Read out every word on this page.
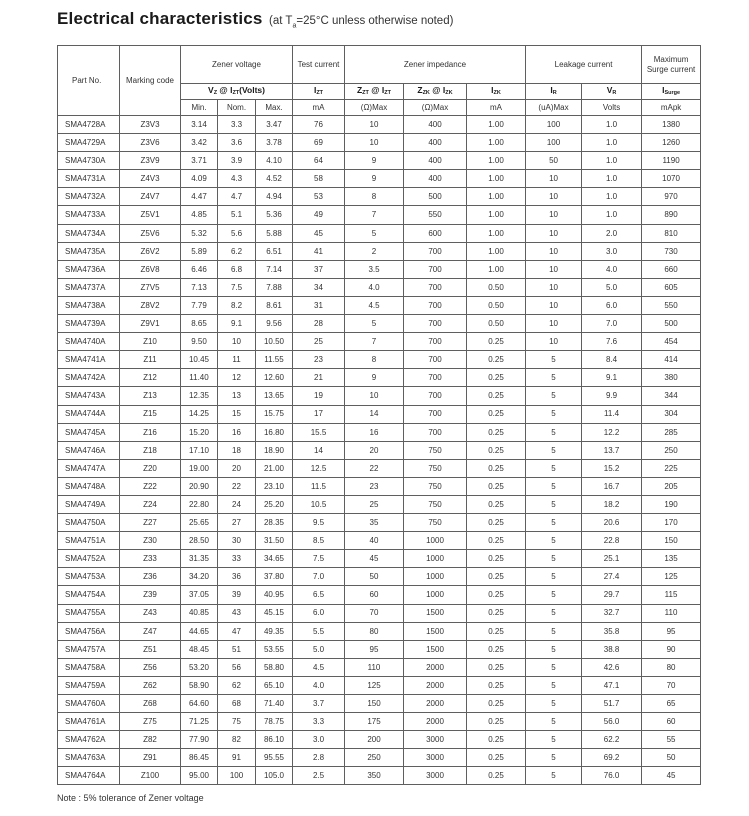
Electrical characteristics (at $T_a=25^\circ C$ unless otherwise noted)
Part No.	Marking code	Zener voltage			Test current	Zener impedance			Leakage current		Maximum Surge current
		$V_Z$ @ $I_{ZT}(Volts)$			$I_{ZT}$	$Z_{ZT}$ @ $I_{ZT}$	$Z_{ZK}$ @ $I_{ZK}$	$I_{ZK}$	$I_R$	$V_R$	$I_{Surge}$
		Min.	Nom.	Max.	mA	(Ω)Max	(Ω)Max	mA	(uA)Max	Volts	mApk
SMA4728A	Z3V3	3.14	3.3	3.47	76	10	400	1.00	100	1.0	1380
SMA4729A	Z3V6	3.42	3.6	3.78	69	10	400	1.00	100	1.0	1260
SMA4730A	Z3V9	3.71	3.9	4.10	64	9	400	1.00	50	1.0	1190
SMA4731A	Z4V3	4.09	4.3	4.52	58	9	400	1.00	10	1.0	1070
SMA4732A	Z4V7	4.47	4.7	4.94	53	8	500	1.00	10	1.0	970
SMA4733A	Z5V1	4.85	5.1	5.36	49	7	550	1.00	10	1.0	890
SMA4734A	Z5V6	5.32	5.6	5.88	45	5	600	1.00	10	2.0	810
SMA4735A	Z6V2	5.89	6.2	6.51	41	2	700	1.00	10	3.0	730
SMA4736A	Z6V8	6.46	6.8	7.14	37	3.5	700	1.00	10	4.0	660
SMA4737A	Z7V5	7.13	7.5	7.88	34	4.0	700	0.50	10	5.0	605
SMA4738A	Z8V2	7.79	8.2	8.61	31	4.5	700	0.50	10	6.0	550
SMA4739A	Z9V1	8.65	9.1	9.56	28	5	700	0.50	10	7.0	500
SMA4740A	Z10	9.50	10	10.50	25	7	700	0.25	10	7.6	454
SMA4741A	Z11	10.45	11	11.55	23	8	700	0.25	5	8.4	414
SMA4742A	Z12	11.40	12	12.60	21	9	700	0.25	5	9.1	380
SMA4743A	Z13	12.35	13	13.65	19	10	700	0.25	5	9.9	344
SMA4744A	Z15	14.25	15	15.75	17	14	700	0.25	5	11.4	304
SMA4745A	Z16	15.20	16	16.80	15.5	16	700	0.25	5	12.2	285
SMA4746A	Z18	17.10	18	18.90	14	20	750	0.25	5	13.7	250
SMA4747A	Z20	19.00	20	21.00	12.5	22	750	0.25	5	15.2	225
SMA4748A	Z22	20.90	22	23.10	11.5	23	750	0.25	5	16.7	205
SMA4749A	Z24	22.80	24	25.20	10.5	25	750	0.25	5	18.2	190
SMA4750A	Z27	25.65	27	28.35	9.5	35	750	0.25	5	20.6	170
SMA4751A	Z30	28.50	30	31.50	8.5	40	1000	0.25	5	22.8	150
SMA4752A	Z33	31.35	33	34.65	7.5	45	1000	0.25	5	25.1	135
SMA4753A	Z36	34.20	36	37.80	7.0	50	1000	0.25	5	27.4	125
SMA4754A	Z39	37.05	39	40.95	6.5	60	1000	0.25	5	29.7	115
SMA4755A	Z43	40.85	43	45.15	6.0	70	1500	0.25	5	32.7	110
SMA4756A	Z47	44.65	47	49.35	5.5	80	1500	0.25	5	35.8	95
SMA4757A	Z51	48.45	51	53.55	5.0	95	1500	0.25	5	38.8	90
SMA4758A	Z56	53.20	56	58.80	4.5	110	2000	0.25	5	42.6	80
SMA4759A	Z62	58.90	62	65.10	4.0	125	2000	0.25	5	47.1	70
SMA4760A	Z68	64.60	68	71.40	3.7	150	2000	0.25	5	51.7	65
SMA4761A	Z75	71.25	75	78.75	3.3	175	2000	0.25	5	56.0	60
SMA4762A	Z82	77.90	82	86.10	3.0	200	3000	0.25	5	62.2	55
SMA4763A	Z91	86.45	91	95.55	2.8	250	3000	0.25	5	69.2	50
SMA4764A	Z100	95.00	100	105.0	2.5	350	3000	0.25	5	76.0	45
Note : 5% tolerance of Zener voltage
